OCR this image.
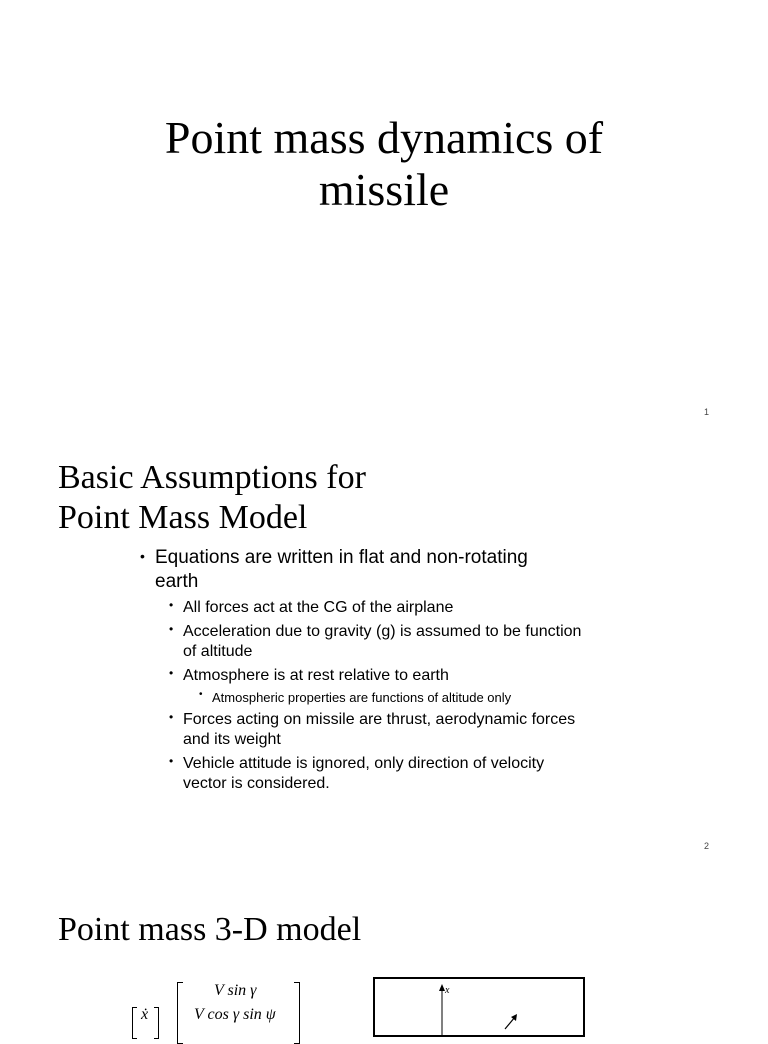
Point mass dynamics of
missile
1
Basic Assumptions for
Point Mass Model
• Equations are written in flat and non-rotating
earth
• All forces act at the CG of the airplane
• Acceleration due to gravity (g) is assumed to be function
of altitude
• Atmosphere is at rest relative to earth
• Atmospheric properties are functions of altitude only
• Forces acting on missile are thrust, aerodynamic forces
and its weight
• Vehicle attitude is ignored, only direction of velocity
vector is considered.
2
Point mass 3-D model
ẋ
V sin γ
V cos γ sin ψ
x
